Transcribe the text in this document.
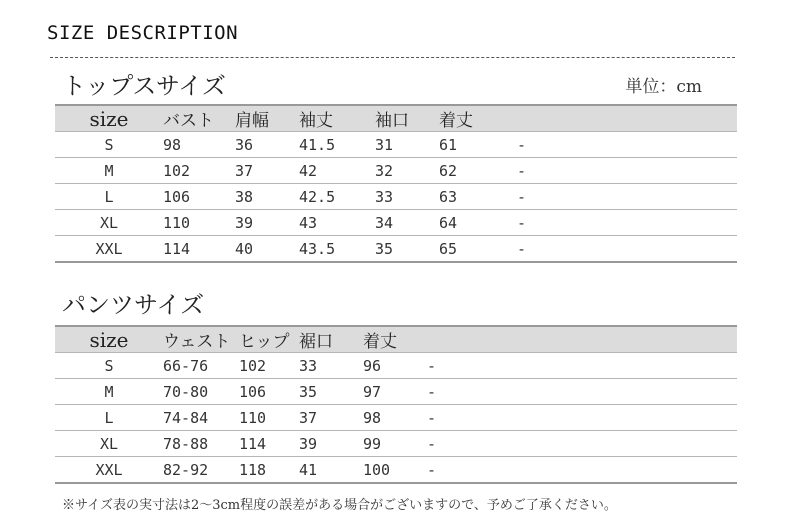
SIZE DESCRIPTION
トップスサイズ	単位：cm
size	バスト	肩幅	袖丈	袖口	着丈	
S	98	36	41.5	31	61	-
M	102	37	42	32	62	-
L	106	38	42.5	33	63	-
XL	110	39	43	34	64	-
XXL	114	40	43.5	35	65	-
パンツサイズ
size	ウェスト	ヒップ	裾口	着丈	
S	66-76	102	33	96	-
M	70-80	106	35	97	-
L	74-84	110	37	98	-
XL	78-88	114	39	99	-
XXL	82-92	118	41	100	-
※サイズ表の実寸法は2～3cm程度の誤差がある場合がございますので、予めご了承ください。
